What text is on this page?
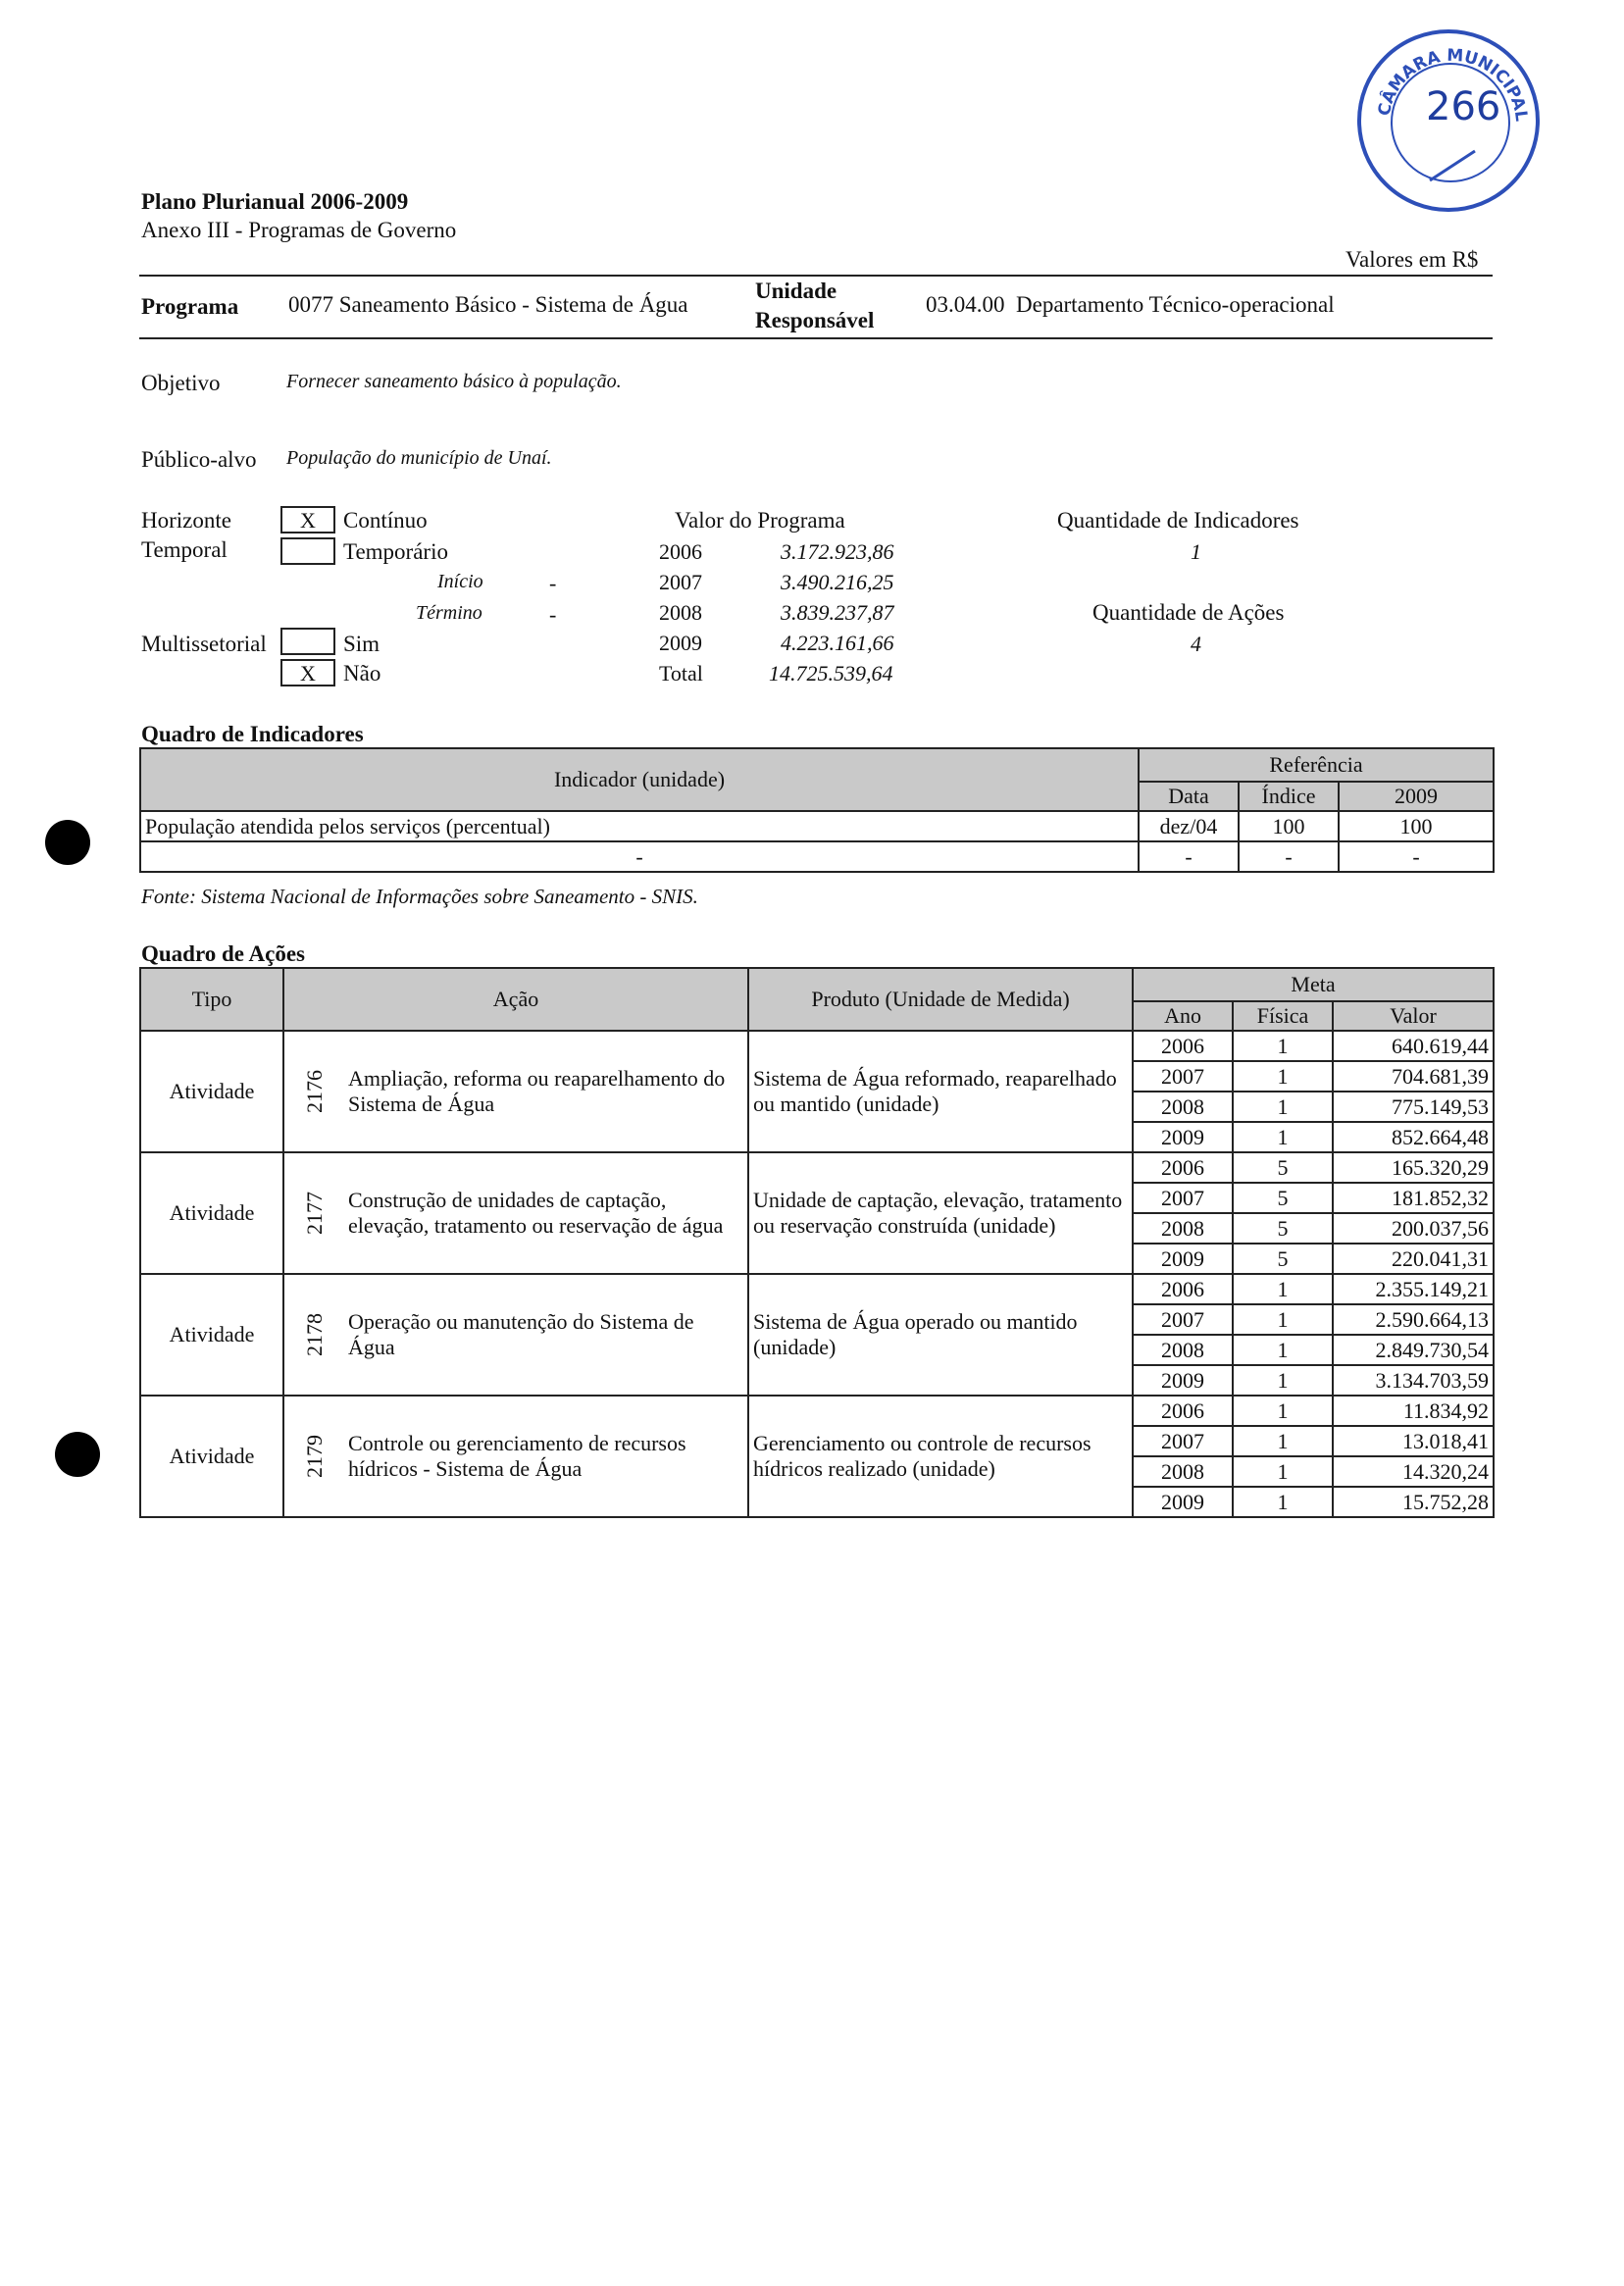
CÂMARA MUNICIPAL
266
Plano Plurianual 2006-2009
Anexo III - Programas de Governo
Valores em R$
Programa 0077 Saneamento Básico - Sistema de Água
Unidade
Responsável
03.04.00  Departamento Técnico-operacional
Objetivo	Fornecer saneamento básico à população.
Público-alvo População do município de Unaí.
Horizonte
Temporal
X	Contínuo
Temporário
Início	-
Término	-
Multissetorial	Sim
X	Não
Valor do Programa
2006	3.172.923,86
2007	3.490.216,25
2008	3.839.237,87
2009	4.223.161,66
Total	14.725.539,64
Quantidade de Indicadores
1
Quantidade de Ações
4
Quadro de Indicadores
Indicador (unidade)	Referência		
	Data	Índice	2009
População atendida pelos serviços (percentual)	dez/04	100	100
-	-	-	-
Fonte: Sistema Nacional de Informações sobre Saneamento - SNIS.
Quadro de Ações
Tipo	Ação		Produto (Unidade de Medida)	Meta		
				Ano	Física	Valor
Atividade	2176	Ampliação, reforma ou reaparelhamento do Sistema de Água	Sistema de Água reformado, reaparelhado ou mantido (unidade)	2006	1	640.619,44
				2007	1	704.681,39
				2008	1	775.149,53
				2009	1	852.664,48
Atividade	2177	Construção de unidades de captação, elevação, tratamento ou reservação de água	Unidade de captação, elevação, tratamento ou reservação construída (unidade)	2006	5	165.320,29
				2007	5	181.852,32
				2008	5	200.037,56
				2009	5	220.041,31
Atividade	2178	Operação ou manutenção do Sistema de Água	Sistema de Água operado ou mantido (unidade)	2006	1	2.355.149,21
				2007	1	2.590.664,13
				2008	1	2.849.730,54
				2009	1	3.134.703,59
Atividade	2179	Controle ou gerenciamento de recursos hídricos - Sistema de Água	Gerenciamento ou controle de recursos hídricos realizado (unidade)	2006	1	11.834,92
				2007	1	13.018,41
				2008	1	14.320,24
				2009	1	15.752,28
